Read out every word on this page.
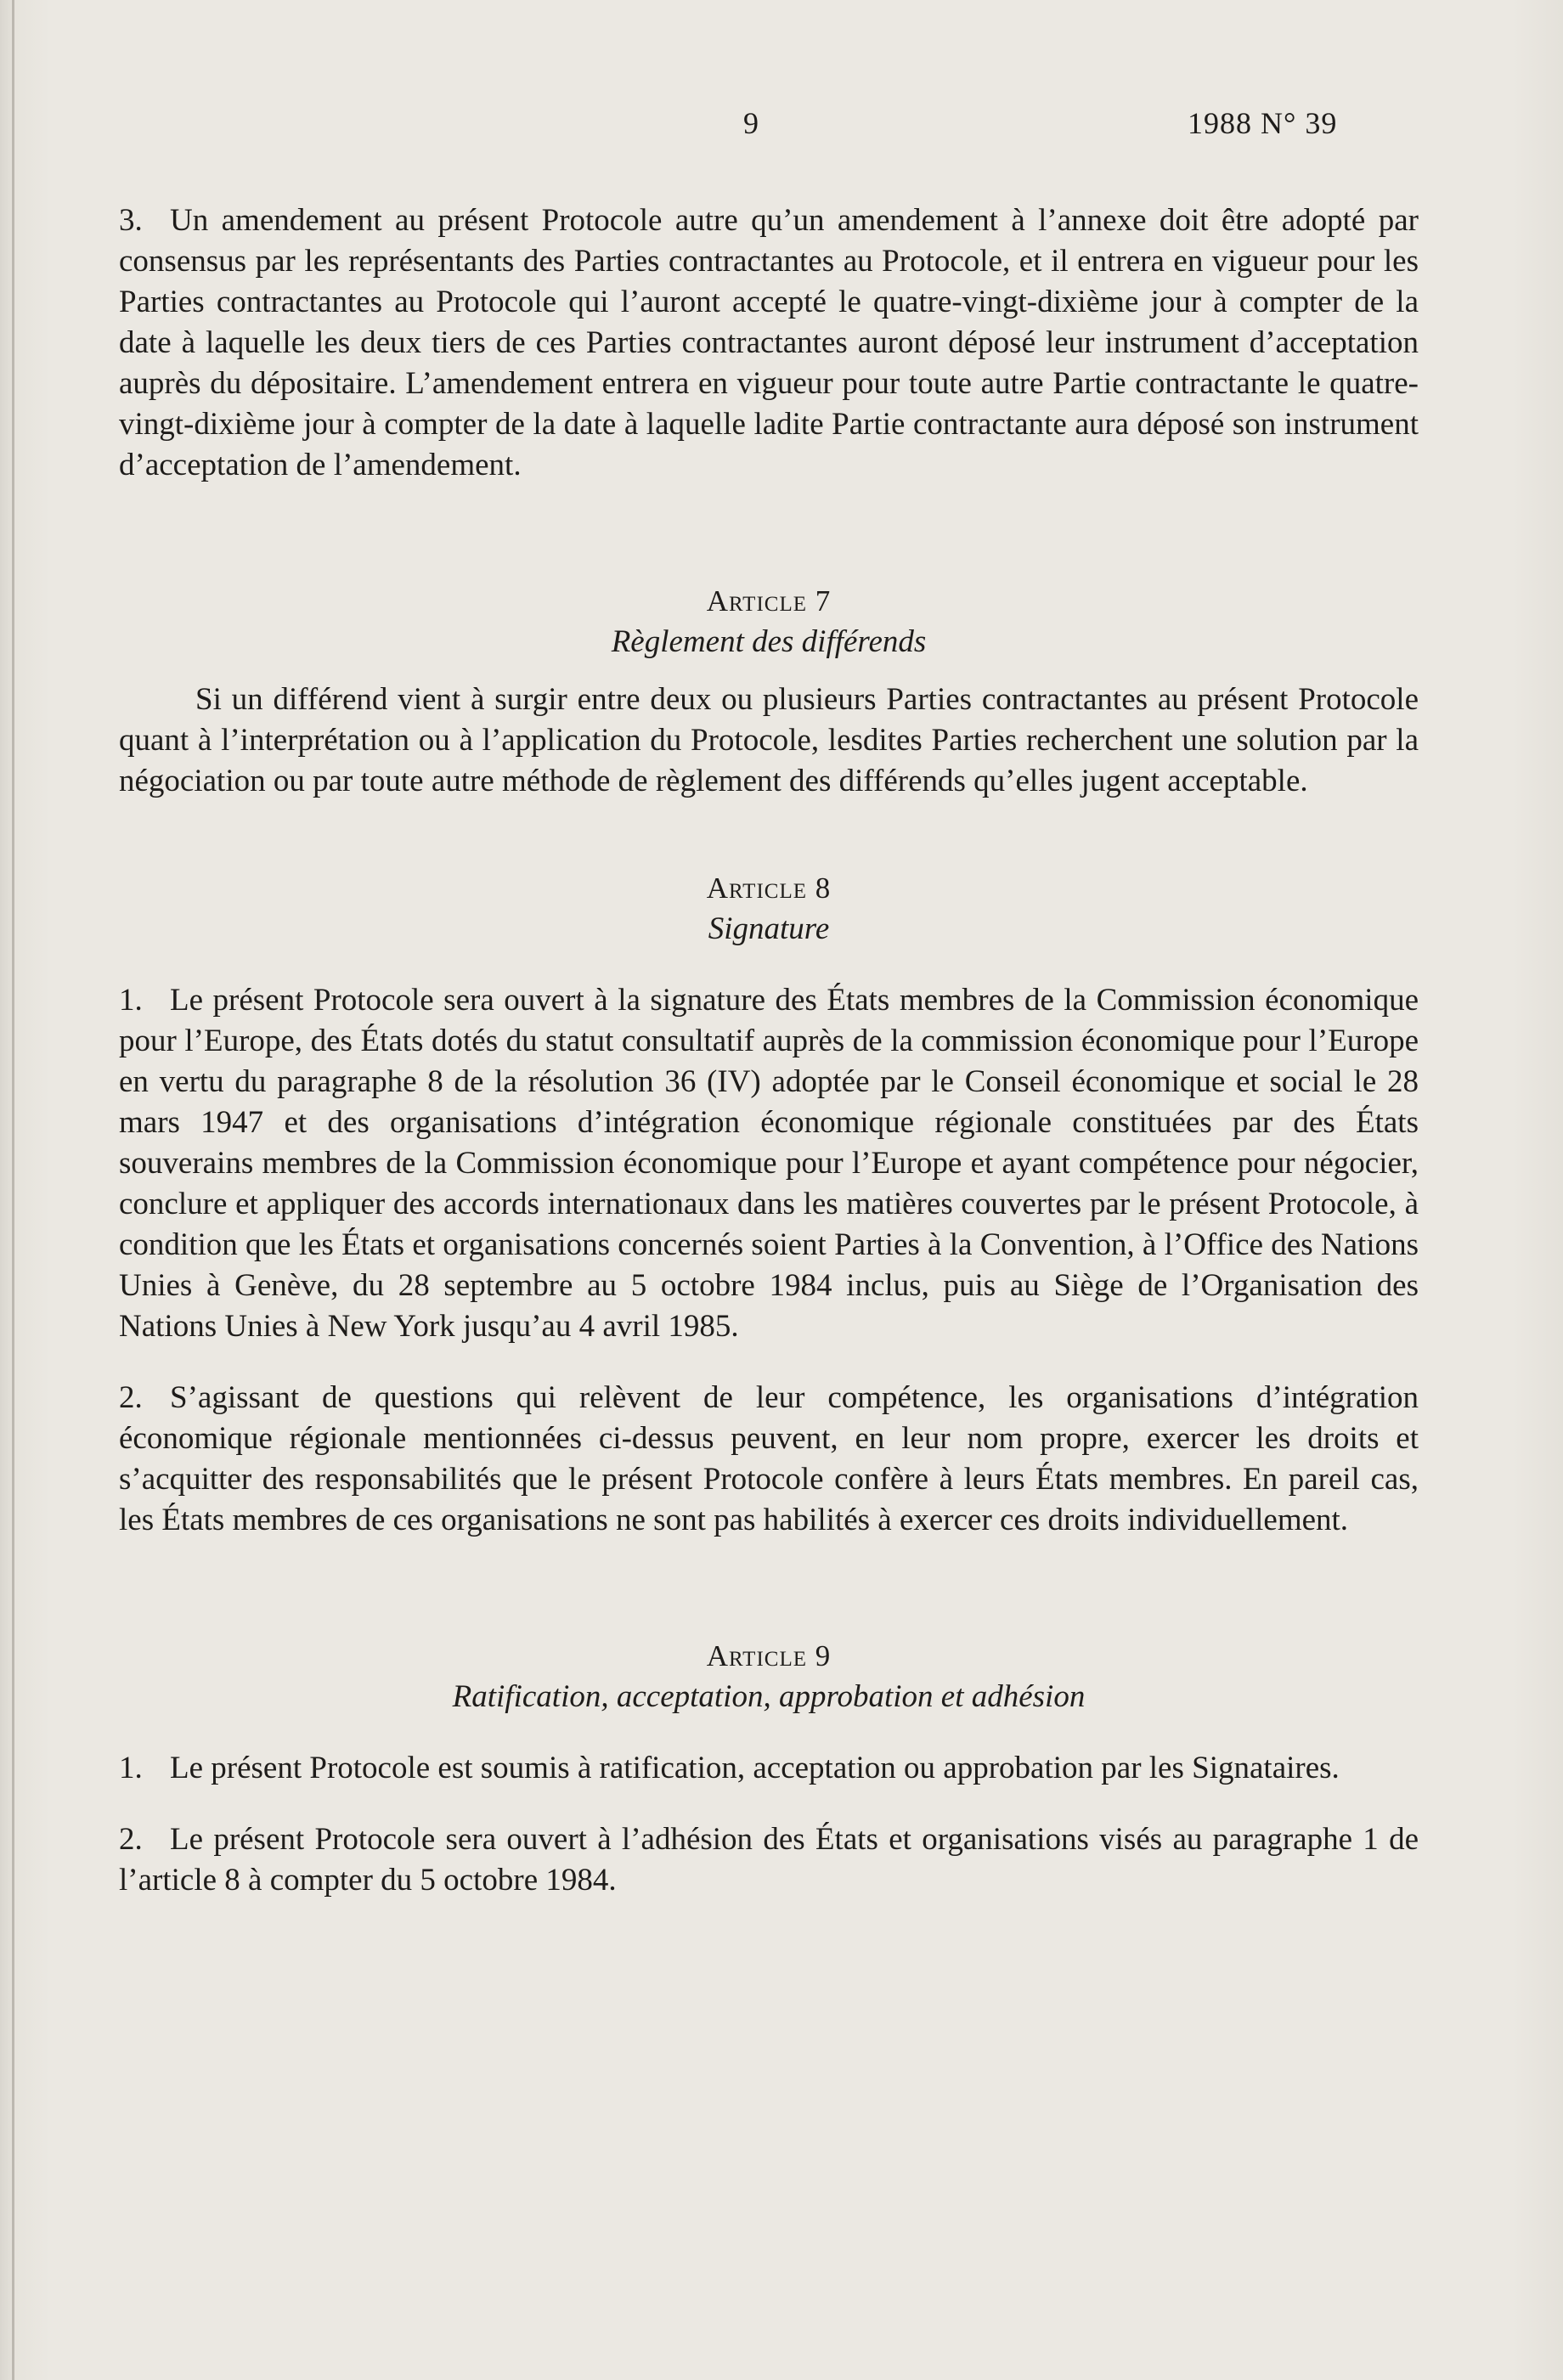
9	1988 N° 39

3. Un amendement au présent Protocole autre qu’un amendement à l’annexe doit être adopté par consensus par les représentants des Parties contractantes au Protocole, et il entrera en vigueur pour les Parties contractantes au Protocole qui l’auront accepté le quatre-vingt-dixième jour à compter de la date à laquelle les deux tiers de ces Parties contractantes auront déposé leur instrument d’acceptation auprès du dépositaire. L’amendement entrera en vigueur pour toute autre Partie contractante le quatre-vingt-dixième jour à compter de la date à laquelle ladite Partie contractante aura déposé son instrument d’acceptation de l’amendement.

Article 7

Règlement des différends

Si un différend vient à surgir entre deux ou plusieurs Parties contractantes au présent Protocole quant à l’interprétation ou à l’application du Protocole, lesdites Parties recherchent une solution par la négociation ou par toute autre méthode de règlement des différends qu’elles jugent acceptable.

Article 8

Signature

1. Le présent Protocole sera ouvert à la signature des États membres de la Commission économique pour l’Europe, des États dotés du statut consultatif auprès de la commission économique pour l’Europe en vertu du paragraphe 8 de la résolution 36 (IV) adoptée par le Conseil économique et social le 28 mars 1947 et des organisations d’intégration économique régionale constituées par des États souverains membres de la Commission économique pour l’Europe et ayant compétence pour négocier, conclure et appliquer des accords internationaux dans les matières couvertes par le présent Protocole, à condition que les États et organisations concernés soient Parties à la Convention, à l’Office des Nations Unies à Genève, du 28 septembre au 5 octobre 1984 inclus, puis au Siège de l’Organisation des Nations Unies à New York jusqu’au 4 avril 1985.

2. S’agissant de questions qui relèvent de leur compétence, les organisations d’intégration économique régionale mentionnées ci-dessus peuvent, en leur nom propre, exercer les droits et s’acquitter des responsabilités que le présent Protocole confère à leurs États membres. En pareil cas, les États membres de ces organisations ne sont pas habilités à exercer ces droits individuellement.

Article 9

Ratification, acceptation, approbation et adhésion

1. Le présent Protocole est soumis à ratification, acceptation ou approbation par les Signataires.

2. Le présent Protocole sera ouvert à l’adhésion des États et organisations visés au paragraphe 1 de l’article 8 à compter du 5 octobre 1984.
